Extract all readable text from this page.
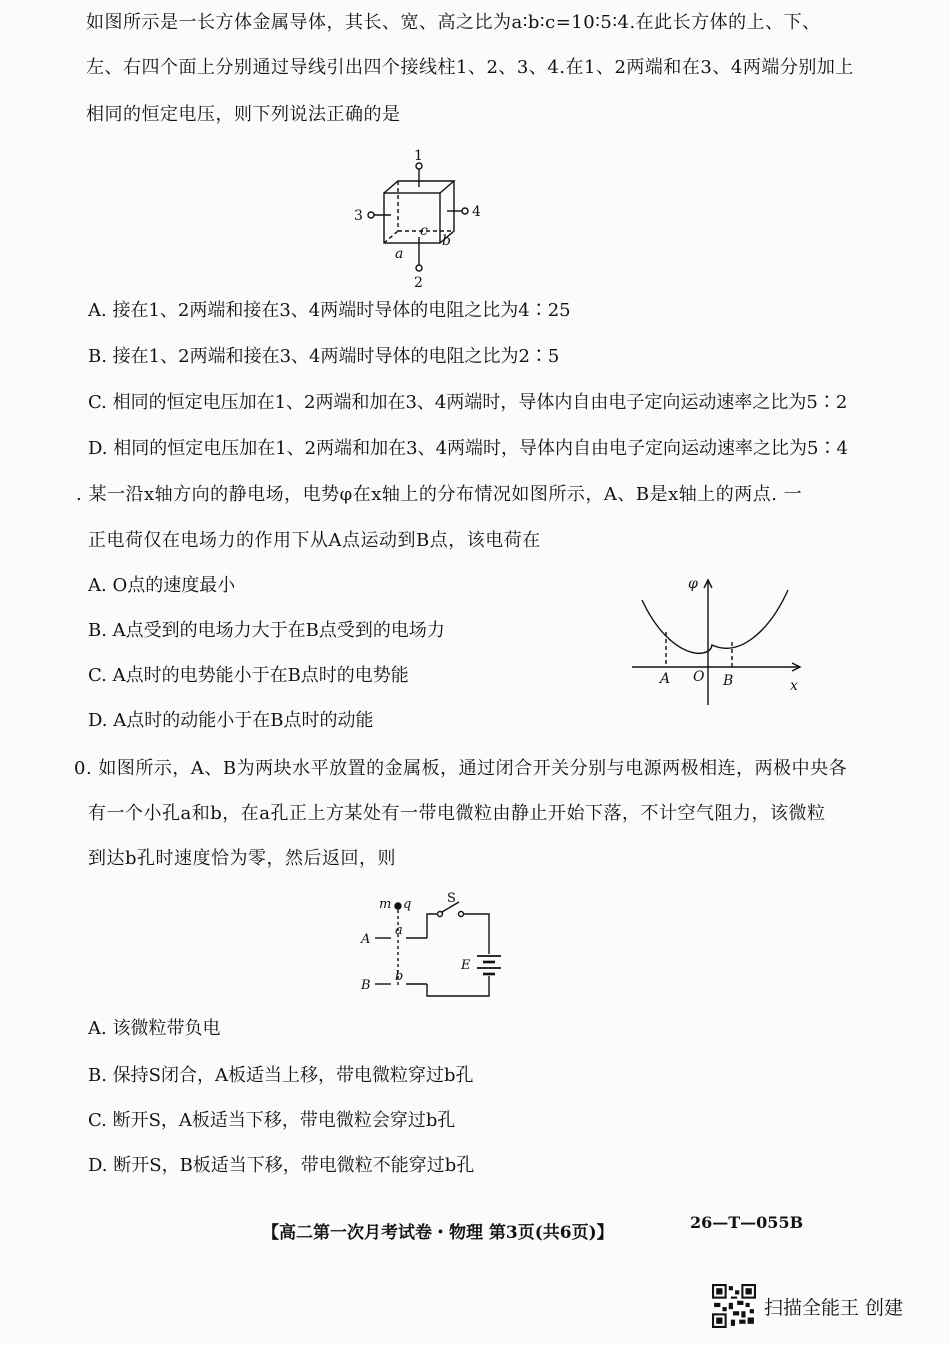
如图所示是一长方体金属导体，其长、宽、高之比为a∶b∶c=10∶5∶4.在此长方体的上、下、
左、右四个面上分别通过导线引出四个接线柱1、2、3、4.在1、2两端和在3、4两端分别加上
相同的恒定电压，则下列说法正确的是
1
2
3	4
a
b
c
A. 接在1、2两端和接在3、4两端时导体的电阻之比为4∶25
B. 接在1、2两端和接在3、4两端时导体的电阻之比为2∶5
C. 相同的恒定电压加在1、2两端和加在3、4两端时，导体内自由电子定向运动速率之比为5∶2
D. 相同的恒定电压加在1、2两端和加在3、4两端时，导体内自由电子定向运动速率之比为5∶4
. 某一沿x轴方向的静电场，电势φ在x轴上的分布情况如图所示，A、B是x轴上的两点. 一
正电荷仅在电场力的作用下从A点运动到B点，该电荷在
A. O点的速度最小
B. A点受到的电场力大于在B点受到的电场力
C. A点时的电势能小于在B点时的电势能
D. A点时的动能小于在B点时的动能
φ
x
A O B
0. 如图所示，A、B为两块水平放置的金属板，通过闭合开关分别与电源两极相连，两极中央各
有一个小孔a和b，在a孔正上方某处有一带电微粒由静止开始下落，不计空气阻力，该微粒
到达b孔时速度恰为零，然后返回，则
m q	S
A
B
a
b
E
A. 该微粒带负电
B. 保持S闭合，A板适当上移，带电微粒穿过b孔
C. 断开S，A板适当下移，带电微粒会穿过b孔
D. 断开S，B板适当下移，带电微粒不能穿过b孔
【高二第一次月考试卷・物理 第3页(共6页)】
26—T—055B
扫描全能王 创建
